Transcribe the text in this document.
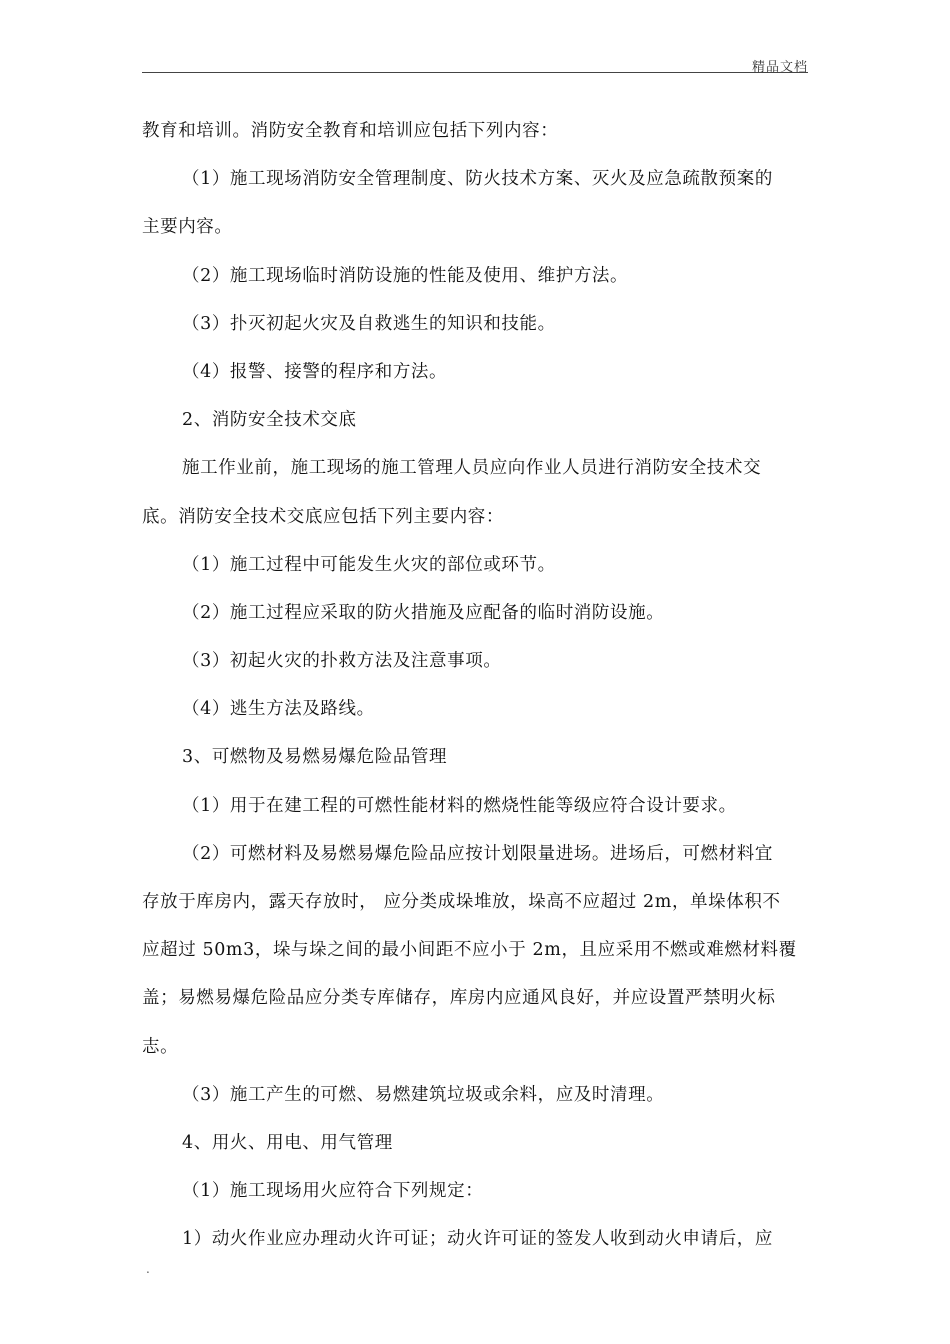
精品文档
教育和培训。消防安全教育和培训应包括下列内容：
（1）施工现场消防安全管理制度、防火技术方案、灭火及应急疏散预案的
主要内容。
（2）施工现场临时消防设施的性能及使用、维护方法。
（3）扑灭初起火灾及自救逃生的知识和技能。
（4）报警、接警的程序和方法。
2、消防安全技术交底
施工作业前，施工现场的施工管理人员应向作业人员进行消防安全技术交
底。消防安全技术交底应包括下列主要内容：
（1）施工过程中可能发生火灾的部位或环节。
（2）施工过程应采取的防火措施及应配备的临时消防设施。
（3）初起火灾的扑救方法及注意事项。
（4）逃生方法及路线。
3、可燃物及易燃易爆危险品管理
（1）用于在建工程的可燃性能材料的燃烧性能等级应符合设计要求。
（2）可燃材料及易燃易爆危险品应按计划限量进场。进场后，可燃材料宜
存放于库房内，露天存放时， 应分类成垛堆放，垛高不应超过 2m，单垛体积不
应超过 50m3，垛与垛之间的最小间距不应小于 2m，且应采用不燃或难燃材料覆
盖；易燃易爆危险品应分类专库储存，库房内应通风良好，并应设置严禁明火标
志。
（3）施工产生的可燃、易燃建筑垃圾或余料，应及时清理。
4、用火、用电、用气管理
（1）施工现场用火应符合下列规定：
1）动火作业应办理动火许可证；动火许可证的签发人收到动火申请后，应
.
